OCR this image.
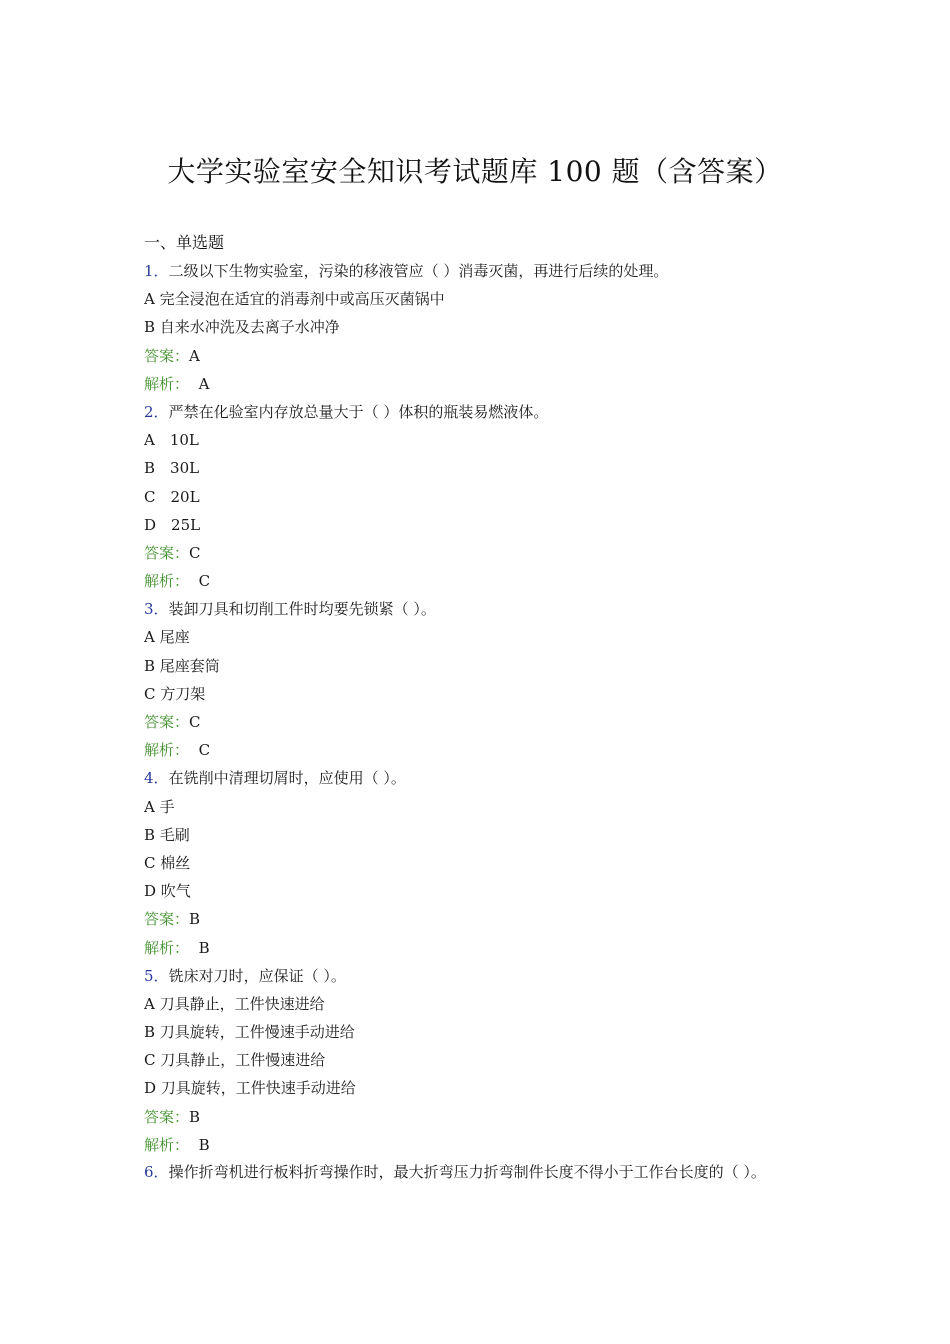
大学实验室安全知识考试题库 100 题（含答案）
一、单选题
1．二级以下生物实验室，污染的移液管应（ ）消毒灭菌，再进行后续的处理。
A 完全浸泡在适宜的消毒剂中或高压灭菌锅中
B 自来水冲洗及去离子水冲净
答案：A
解析： A
2．严禁在化验室内存放总量大于（ ）体积的瓶装易燃液体。
A　10L
B　30L
C　20L
D　25L
答案：C
解析： C
3．装卸刀具和切削工件时均要先锁紧（ ）。
A 尾座
B 尾座套筒
C 方刀架
答案：C
解析： C
4．在铣削中清理切屑时，应使用（ ）。
A 手
B 毛刷
C 棉丝
D 吹气
答案：B
解析： B
5．铣床对刀时，应保证（ ）。
A 刀具静止，工件快速进给
B 刀具旋转，工件慢速手动进给
C 刀具静止，工件慢速进给
D 刀具旋转，工件快速手动进给
答案：B
解析： B
6．操作折弯机进行板料折弯操作时，最大折弯压力折弯制件长度不得小于工作台长度的（ ）。
